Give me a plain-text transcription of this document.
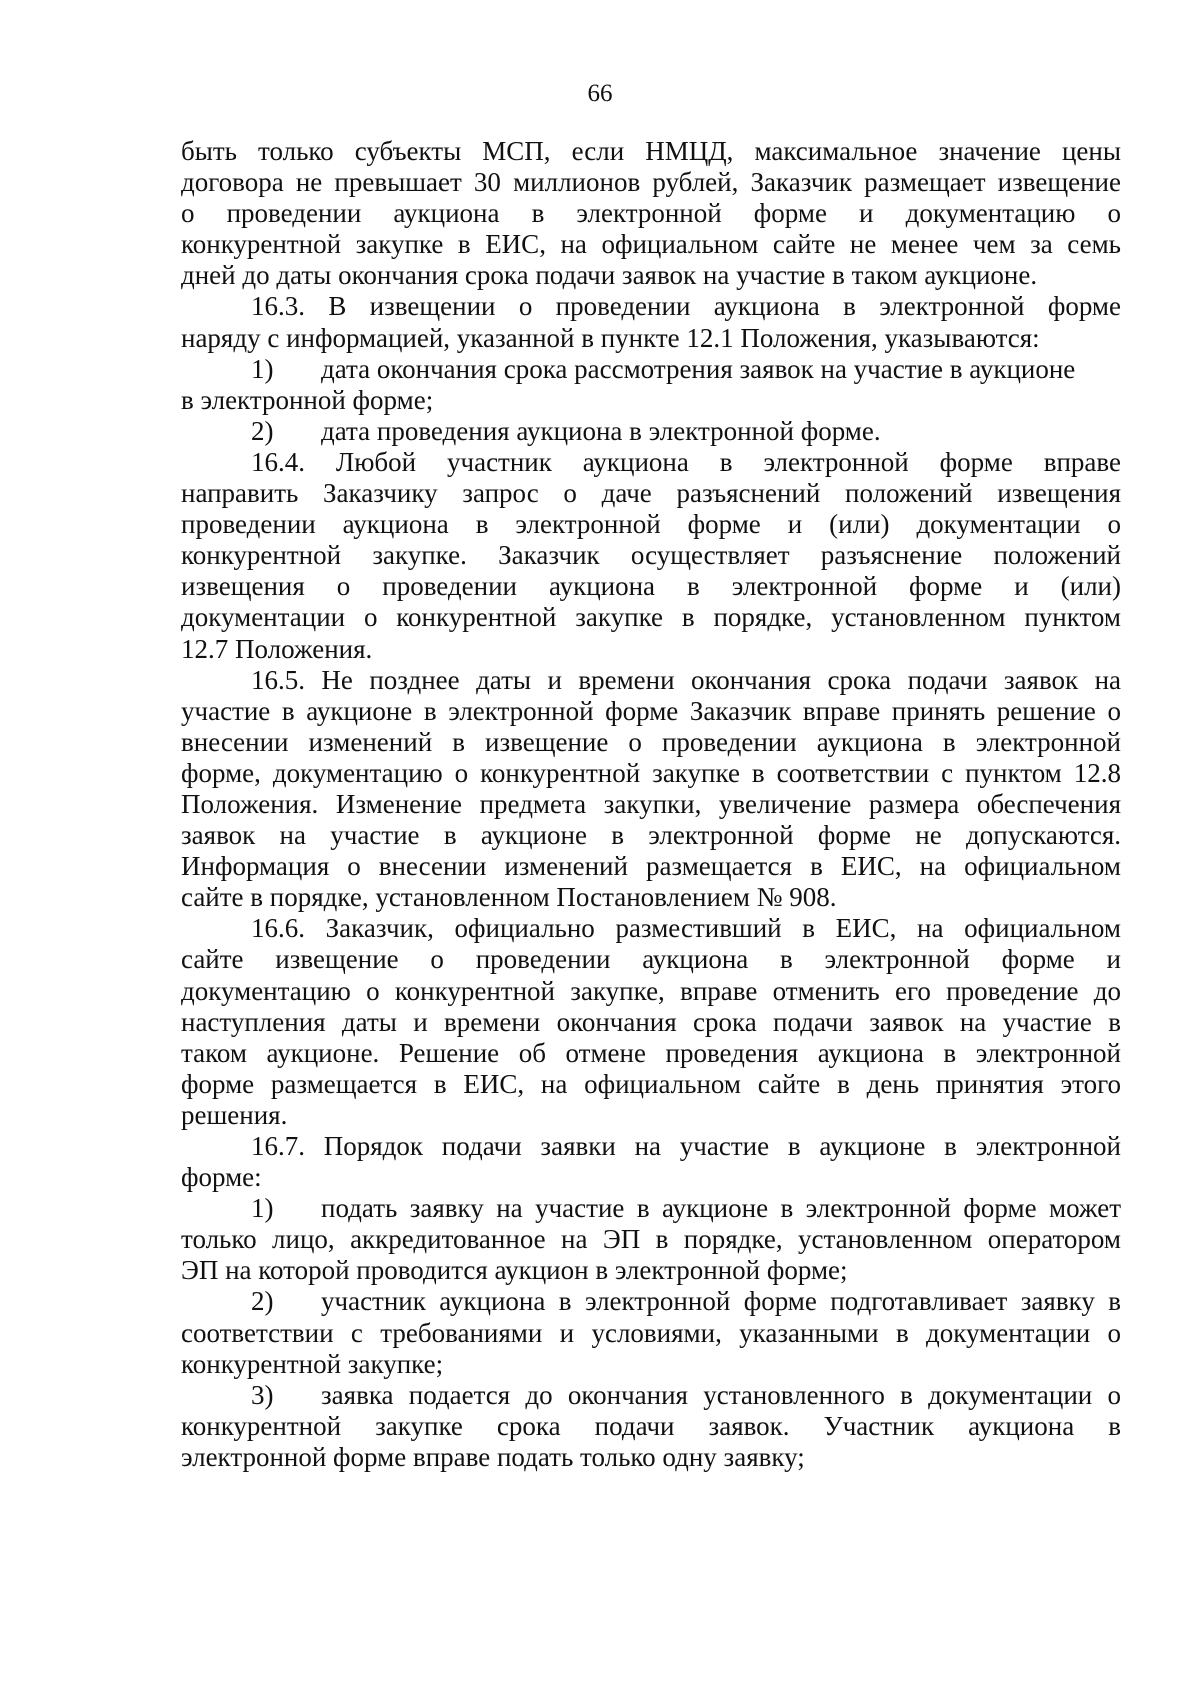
66
быть только субъекты МСП, если НМЦД, максимальное значение цены
договора не превышает 30 миллионов рублей, Заказчик размещает извещение
о проведении аукциона в электронной форме и документацию о
конкурентной закупке в ЕИС, на официальном сайте не менее чем за семь
дней до даты окончания срока подачи заявок на участие в таком аукционе.
16.3. В извещении о проведении аукциона в электронной форме
наряду с информацией, указанной в пункте 12.1 Положения, указываются:
1) дата окончания срока рассмотрения заявок на участие в аукционе
в электронной форме;
2) дата проведения аукциона в электронной форме.
16.4. Любой участник аукциона в электронной форме вправе
направить Заказчику запрос о даче разъяснений положений извещения
проведении аукциона в электронной форме и (или) документации о
конкурентной закупке. Заказчик осуществляет разъяснение положений
извещения о проведении аукциона в электронной форме и (или)
документации о конкурентной закупке в порядке, установленном пунктом
12.7 Положения.
16.5. Не позднее даты и времени окончания срока подачи заявок на
участие в аукционе в электронной форме Заказчик вправе принять решение о
внесении изменений в извещение о проведении аукциона в электронной
форме, документацию о конкурентной закупке в соответствии с пунктом 12.8
Положения. Изменение предмета закупки, увеличение размера обеспечения
заявок на участие в аукционе в электронной форме не допускаются.
Информация о внесении изменений размещается в ЕИС, на официальном
сайте в порядке, установленном Постановлением № 908.
16.6. Заказчик, официально разместивший в ЕИС, на официальном
сайте извещение о проведении аукциона в электронной форме и
документацию о конкурентной закупке, вправе отменить его проведение до
наступления даты и времени окончания срока подачи заявок на участие в
таком аукционе. Решение об отмене проведения аукциона в электронной
форме размещается в ЕИС, на официальном сайте в день принятия этого
решения.
16.7. Порядок подачи заявки на участие в аукционе в электронной
форме:
1) подать заявку на участие в аукционе в электронной форме может
только лицо, аккредитованное на ЭП в порядке, установленном оператором
ЭП на которой проводится аукцион в электронной форме;
2) участник аукциона в электронной форме подготавливает заявку в
соответствии с требованиями и условиями, указанными в документации о
конкурентной закупке;
3) заявка подается до окончания установленного в документации о
конкурентной закупке срока подачи заявок. Участник аукциона в
электронной форме вправе подать только одну заявку;
